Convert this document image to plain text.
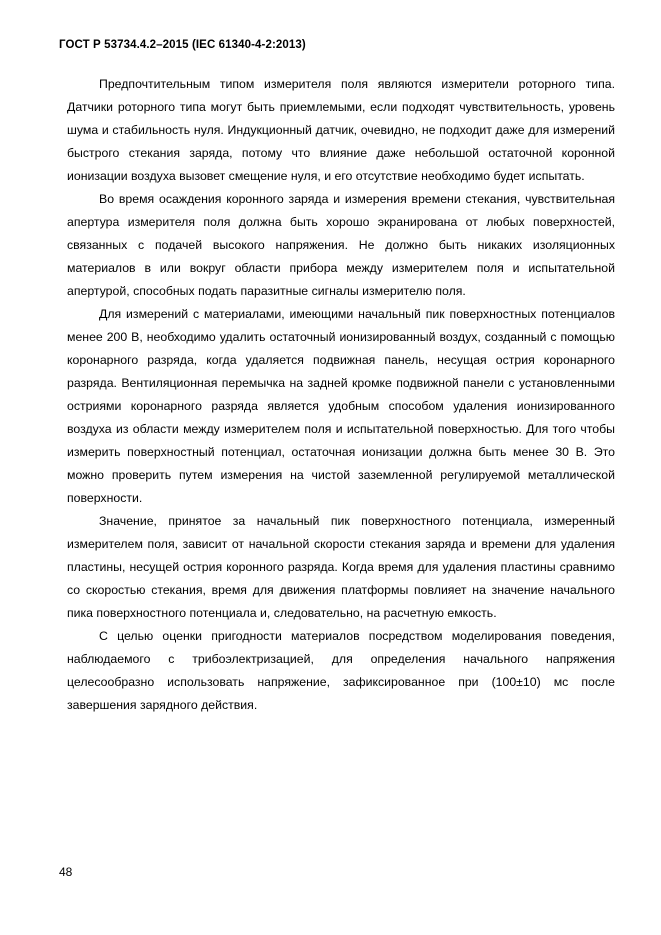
ГОСТ Р 53734.4.2–2015 (IEC 61340-4-2:2013)

Предпочтительным типом измерителя поля являются измерители роторного типа. Датчики роторного типа могут быть приемлемыми, если подходят чувствительность, уровень шума и стабильность нуля. Индукционный датчик, очевидно, не подходит даже для измерений быстрого стекания заряда, потому что влияние даже небольшой остаточной коронной ионизации воздуха вызовет смещение нуля, и его отсутствие необходимо будет испытать.

Во время осаждения коронного заряда и измерения времени стекания, чувствительная апертура измерителя поля должна быть хорошо экранирована от любых поверхностей, связанных с подачей высокого напряжения. Не должно быть никаких изоляционных материалов в или вокруг области прибора между измерителем поля и испытательной апертурой, способных подать паразитные сигналы измерителю поля.

Для измерений с материалами, имеющими начальный пик поверхностных потенциалов менее 200 В, необходимо удалить остаточный ионизированный воздух, созданный с помощью коронарного разряда, когда удаляется подвижная панель, несущая острия коронарного разряда. Вентиляционная перемычка на задней кромке подвижной панели с установленными остриями коронарного разряда является удобным способом удаления ионизированного воздуха из области между измерителем поля и испытательной поверхностью. Для того чтобы измерить поверхностный потенциал, остаточная ионизации должна быть менее 30 В. Это можно проверить путем измерения на чистой заземленной регулируемой металлической поверхности.

Значение, принятое за начальный пик поверхностного потенциала, измеренный измерителем поля, зависит от начальной скорости стекания заряда и времени для удаления пластины, несущей острия коронного разряда. Когда время для удаления пластины сравнимо со скоростью стекания, время для движения платформы повлияет на значение начального пика поверхностного потенциала и, следовательно, на расчетную емкость.

С целью оценки пригодности материалов посредством моделирования поведения, наблюдаемого с трибоэлектризацией, для определения начального напряжения целесообразно использовать напряжение, зафиксированное при (100±10) мс после завершения зарядного действия.

48
